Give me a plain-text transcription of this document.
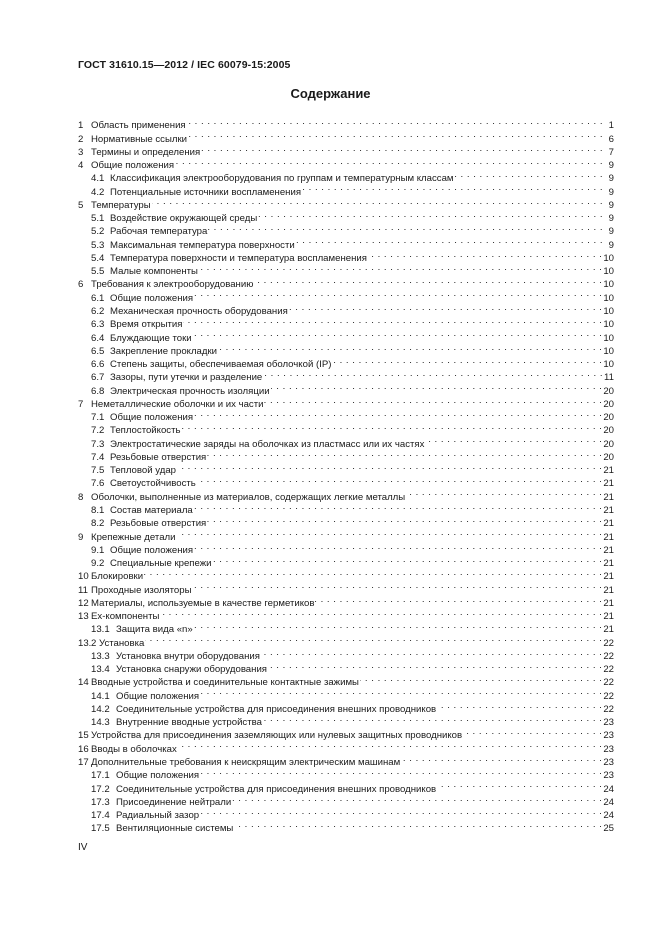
ГОСТ 31610.15—2012 / IEC 60079-15:2005
Содержание
1 Область применения . . .	1
2 Нормативные ссылки . . .	6
3 Термины и определения . . .	7
4 Общие положения . . .	9
4.1 Классификация электрооборудования по группам и температурным классам . . .	9
4.2 Потенциальные источники воспламенения . . .	9
5 Температуры . . .	9
5.1 Воздействие окружающей среды . . .	9
5.2 Рабочая температура . . .	9
5.3 Максимальная температура поверхности . . .	9
5.4 Температура поверхности и температура воспламенения . . .	10
5.5 Малые компоненты . . .	10
6 Требования к электрооборудованию . . .	10
6.1 Общие положения . . .	10
6.2 Механическая прочность оборудования . . .	10
6.3 Время открытия . . .	10
6.4 Блуждающие токи . . .	10
6.5 Закрепление прокладки . . .	10
6.6 Степень защиты, обеспечиваемая оболочкой (IP) . . .	10
6.7 Зазоры, пути утечки и разделение . . .	11
6.8 Электрическая прочность изоляции . . .	20
7 Неметаллические оболочки и их части . . .	20
7.1 Общие положения . . .	20
7.2 Теплостойкость . . .	20
7.3 Электростатические заряды на оболочках из пластмасс или их частях . . .	20
7.4 Резьбовые отверстия . . .	20
7.5 Тепловой удар . . .	21
7.6 Светоустойчивость . . .	21
8 Оболочки, выполненные из материалов, содержащих легкие металлы . . .	21
8.1 Состав материала . . .	21
8.2 Резьбовые отверстия . . .	21
9 Крепежные детали . . .	21
9.1 Общие положения . . .	21
9.2 Специальные крепежи . . .	21
10 Блокировки . . .	21
11 Проходные изоляторы . . .	21
12 Материалы, используемые в качестве герметиков . . .	21
13 Ex-компоненты . . .	21
13.1 Защита вида «n» . . .	21
13. 2 Установка . . .	22
13.3 Установка внутри оборудования . . .	22
13.4 Установка снаружи оборудования . . .	22
14 Вводные устройства и соединительные контактные зажимы . . .	22
14.1 Общие положения . . .	22
14.2 Соединительные устройства для присоединения внешних проводников . . .	22
14.3 Внутренние вводные устройства . . .	23
15 Устройства для присоединения заземляющих или нулевых защитных проводников . . .	23
16 Вводы в оболочках . . .	23
17 Дополнительные требования к неискрящим электрическим машинам . . .	23
17.1 Общие положения . . .	23
17.2 Соединительные устройства для присоединения внешних проводников . . .	24
17.3 Присоединение нейтрали . . .	24
17.4 Радиальный зазор . . .	24
17.5 Вентиляционные системы . . .	25
IV
